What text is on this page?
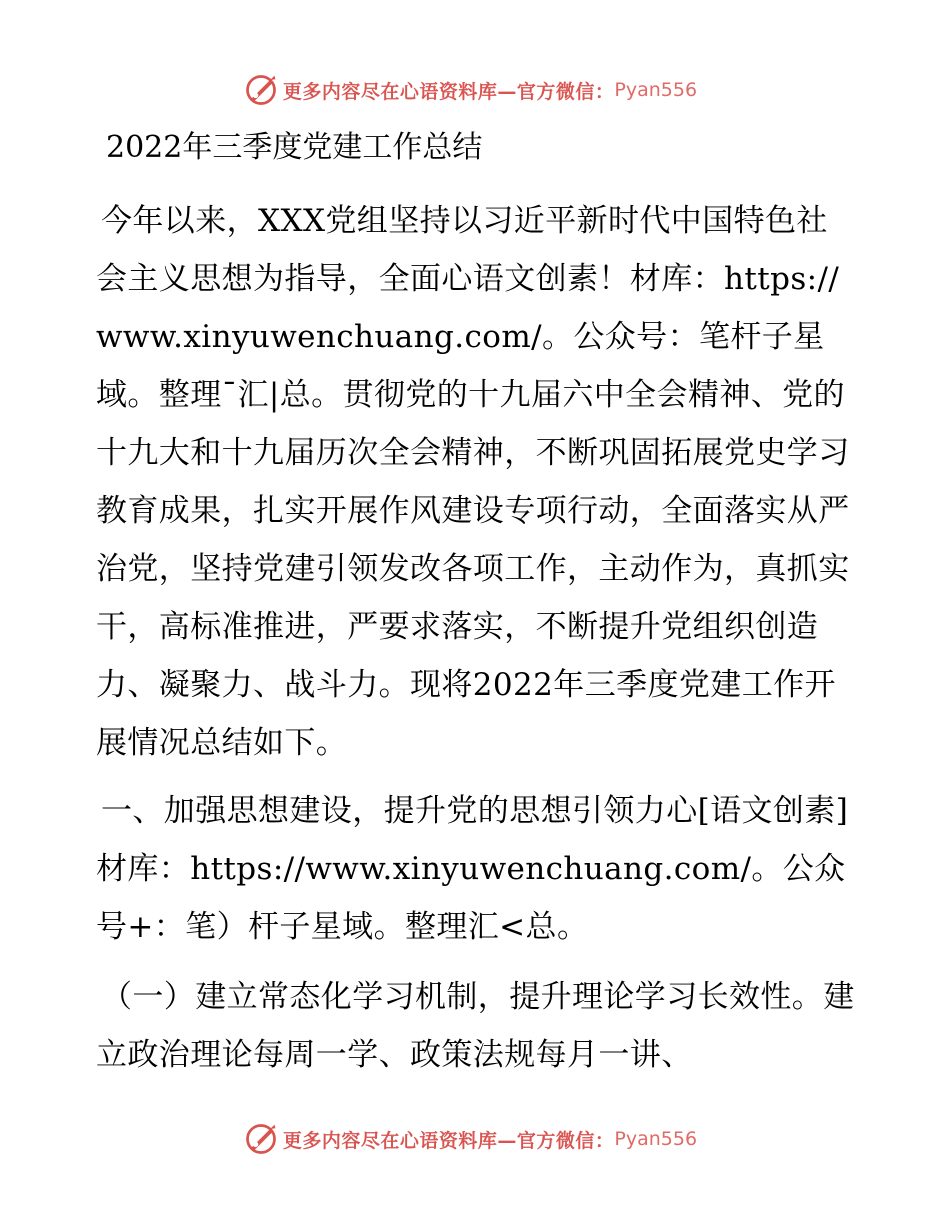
更多内容尽在心语资料库—官方微信： Pyan556
2022年三季度党建工作总结

今年以来，XXX党组坚持以习近平新时代中国特色社会主义思想为指导，全面心语文创素！材库：https://www.xinyuwenchuang.com/。公众号：笔杆子星域。整理¯汇|总。贯彻党的十九届六中全会精神、党的十九大和十九届历次全会精神，不断巩固拓展党史学习教育成果，扎实开展作风建设专项行动，全面落实从严治党，坚持党建引领发改各项工作，主动作为，真抓实干，高标准推进，严要求落实，不断提升党组织创造力、凝聚力、战斗力。现将2022年三季度党建工作开展情况总结如下。

一、加强思想建设，提升党的思想引领力心[语文创素]材库：https://www.xinyuwenchuang.com/。公众号+：笔）杆子星域。整理汇<总。

（一）建立常态化学习机制，提升理论学习长效性。建立政治理论每周一学、政策法规每月一讲、

更多内容尽在心语资料库—官方微信： Pyan556
